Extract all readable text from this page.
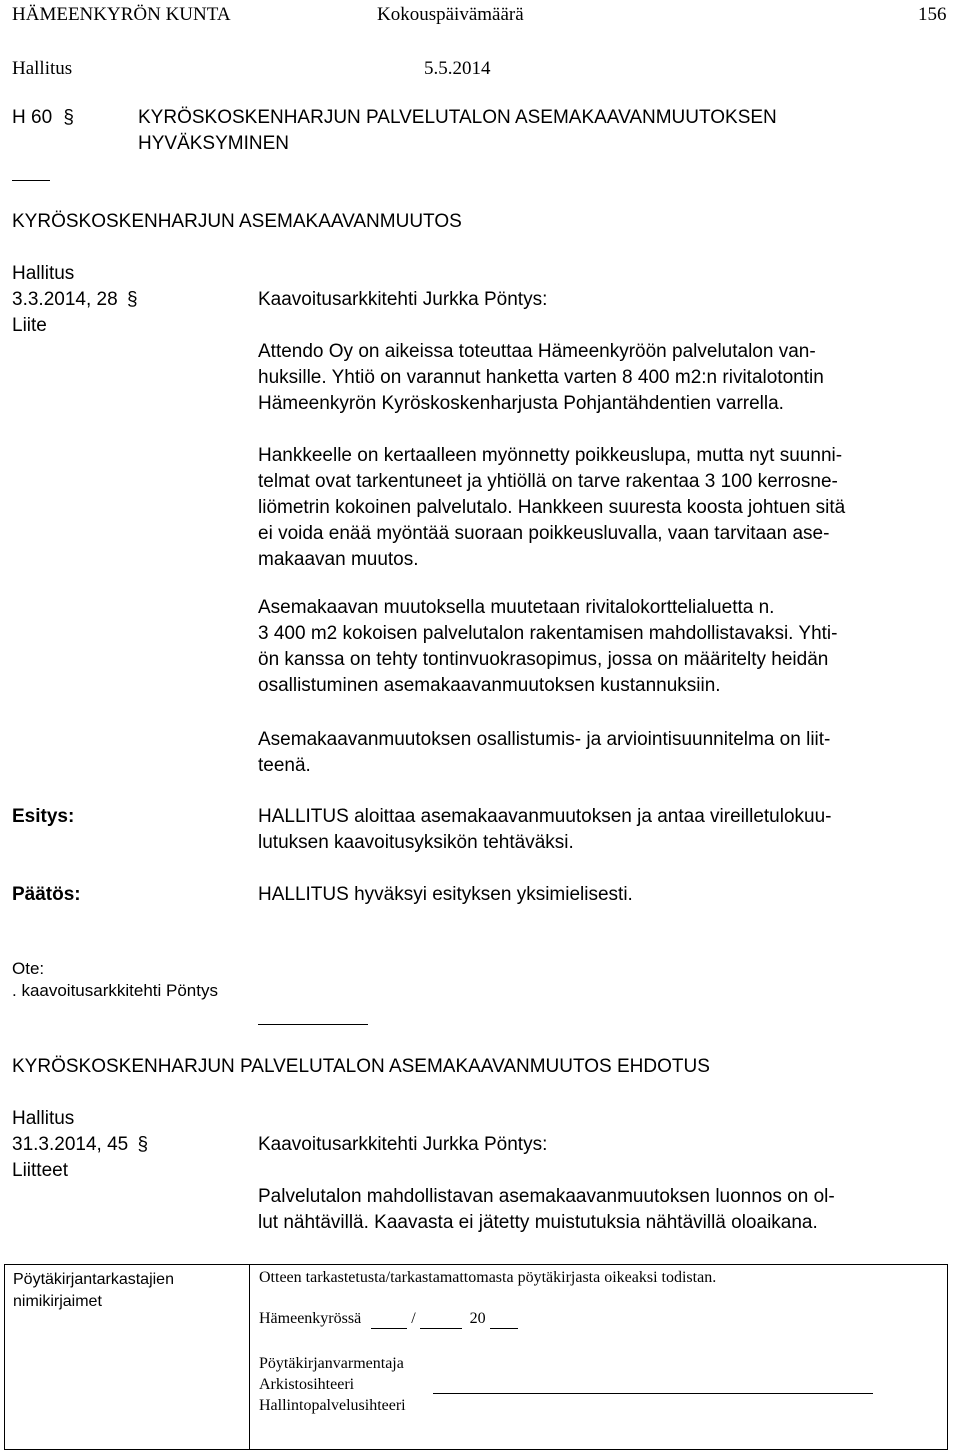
HÄMEENKYRÖN KUNTA	Kokouspäivämäärä	156
Hallitus	5.5.2014
H 60 §	KYRÖSKOSKENHARJUN PALVELUTALON ASEMAKAAVANMUUTOKSEN
HYVÄKSYMINEN
KYRÖSKOSKENHARJUN ASEMAKAAVANMUUTOS
Hallitus
3.3.2014, 28 §
Liite
Kaavoitusarkkitehti Jurkka Pöntys:
Attendo Oy on aikeissa toteuttaa Hämeenkyröön palvelutalon van-
huksille. Yhtiö on varannut hanketta varten 8 400 m2:n rivitalotontin
Hämeenkyrön Kyröskoskenharjusta Pohjantähdentien varrella.
Hankkeelle on kertaalleen myönnetty poikkeuslupa, mutta nyt suunni-
telmat ovat tarkentuneet ja yhtiöllä on tarve rakentaa 3 100 kerrosne-
liömetrin kokoinen palvelutalo. Hankkeen suuresta koosta johtuen sitä
ei voida enää myöntää suoraan poikkeusluvalla, vaan tarvitaan ase-
makaavan muutos.
Asemakaavan muutoksella muutetaan rivitalokorttelialuetta n.
3 400 m2 kokoisen palvelutalon rakentamisen mahdollistavaksi. Yhti-
ön kanssa on tehty tontinvuokrasopimus, jossa on määritelty heidän
osallistuminen asemakaavanmuutoksen kustannuksiin.
Asemakaavanmuutoksen osallistumis- ja arviointisuunnitelma on liit-
teenä.
Esitys:	HALLITUS aloittaa asemakaavanmuutoksen ja antaa vireilletulokuu-
lutuksen kaavoitusyksikön tehtäväksi.
Päätös:	HALLITUS hyväksyi esityksen yksimielisesti.
Ote:
. kaavoitusarkkitehti Pöntys
KYRÖSKOSKENHARJUN PALVELUTALON ASEMAKAAVANMUUTOS EHDOTUS
Hallitus
31.3.2014, 45 §
Liitteet
Kaavoitusarkkitehti Jurkka Pöntys:
Palvelutalon mahdollistavan asemakaavanmuutoksen luonnos on ol-
lut nähtävillä. Kaavasta ei jätetty muistutuksia nähtävillä oloaikana.
Pöytäkirjantarkastajien
nimikirjaimet
Otteen tarkastetusta/tarkastamattomasta pöytäkirjasta oikeaksi todistan.
Hämeenkyrössä	/	20
Pöytäkirjanvarmentaja
Arkistosihteeri
Hallintopalvelusihteeri
